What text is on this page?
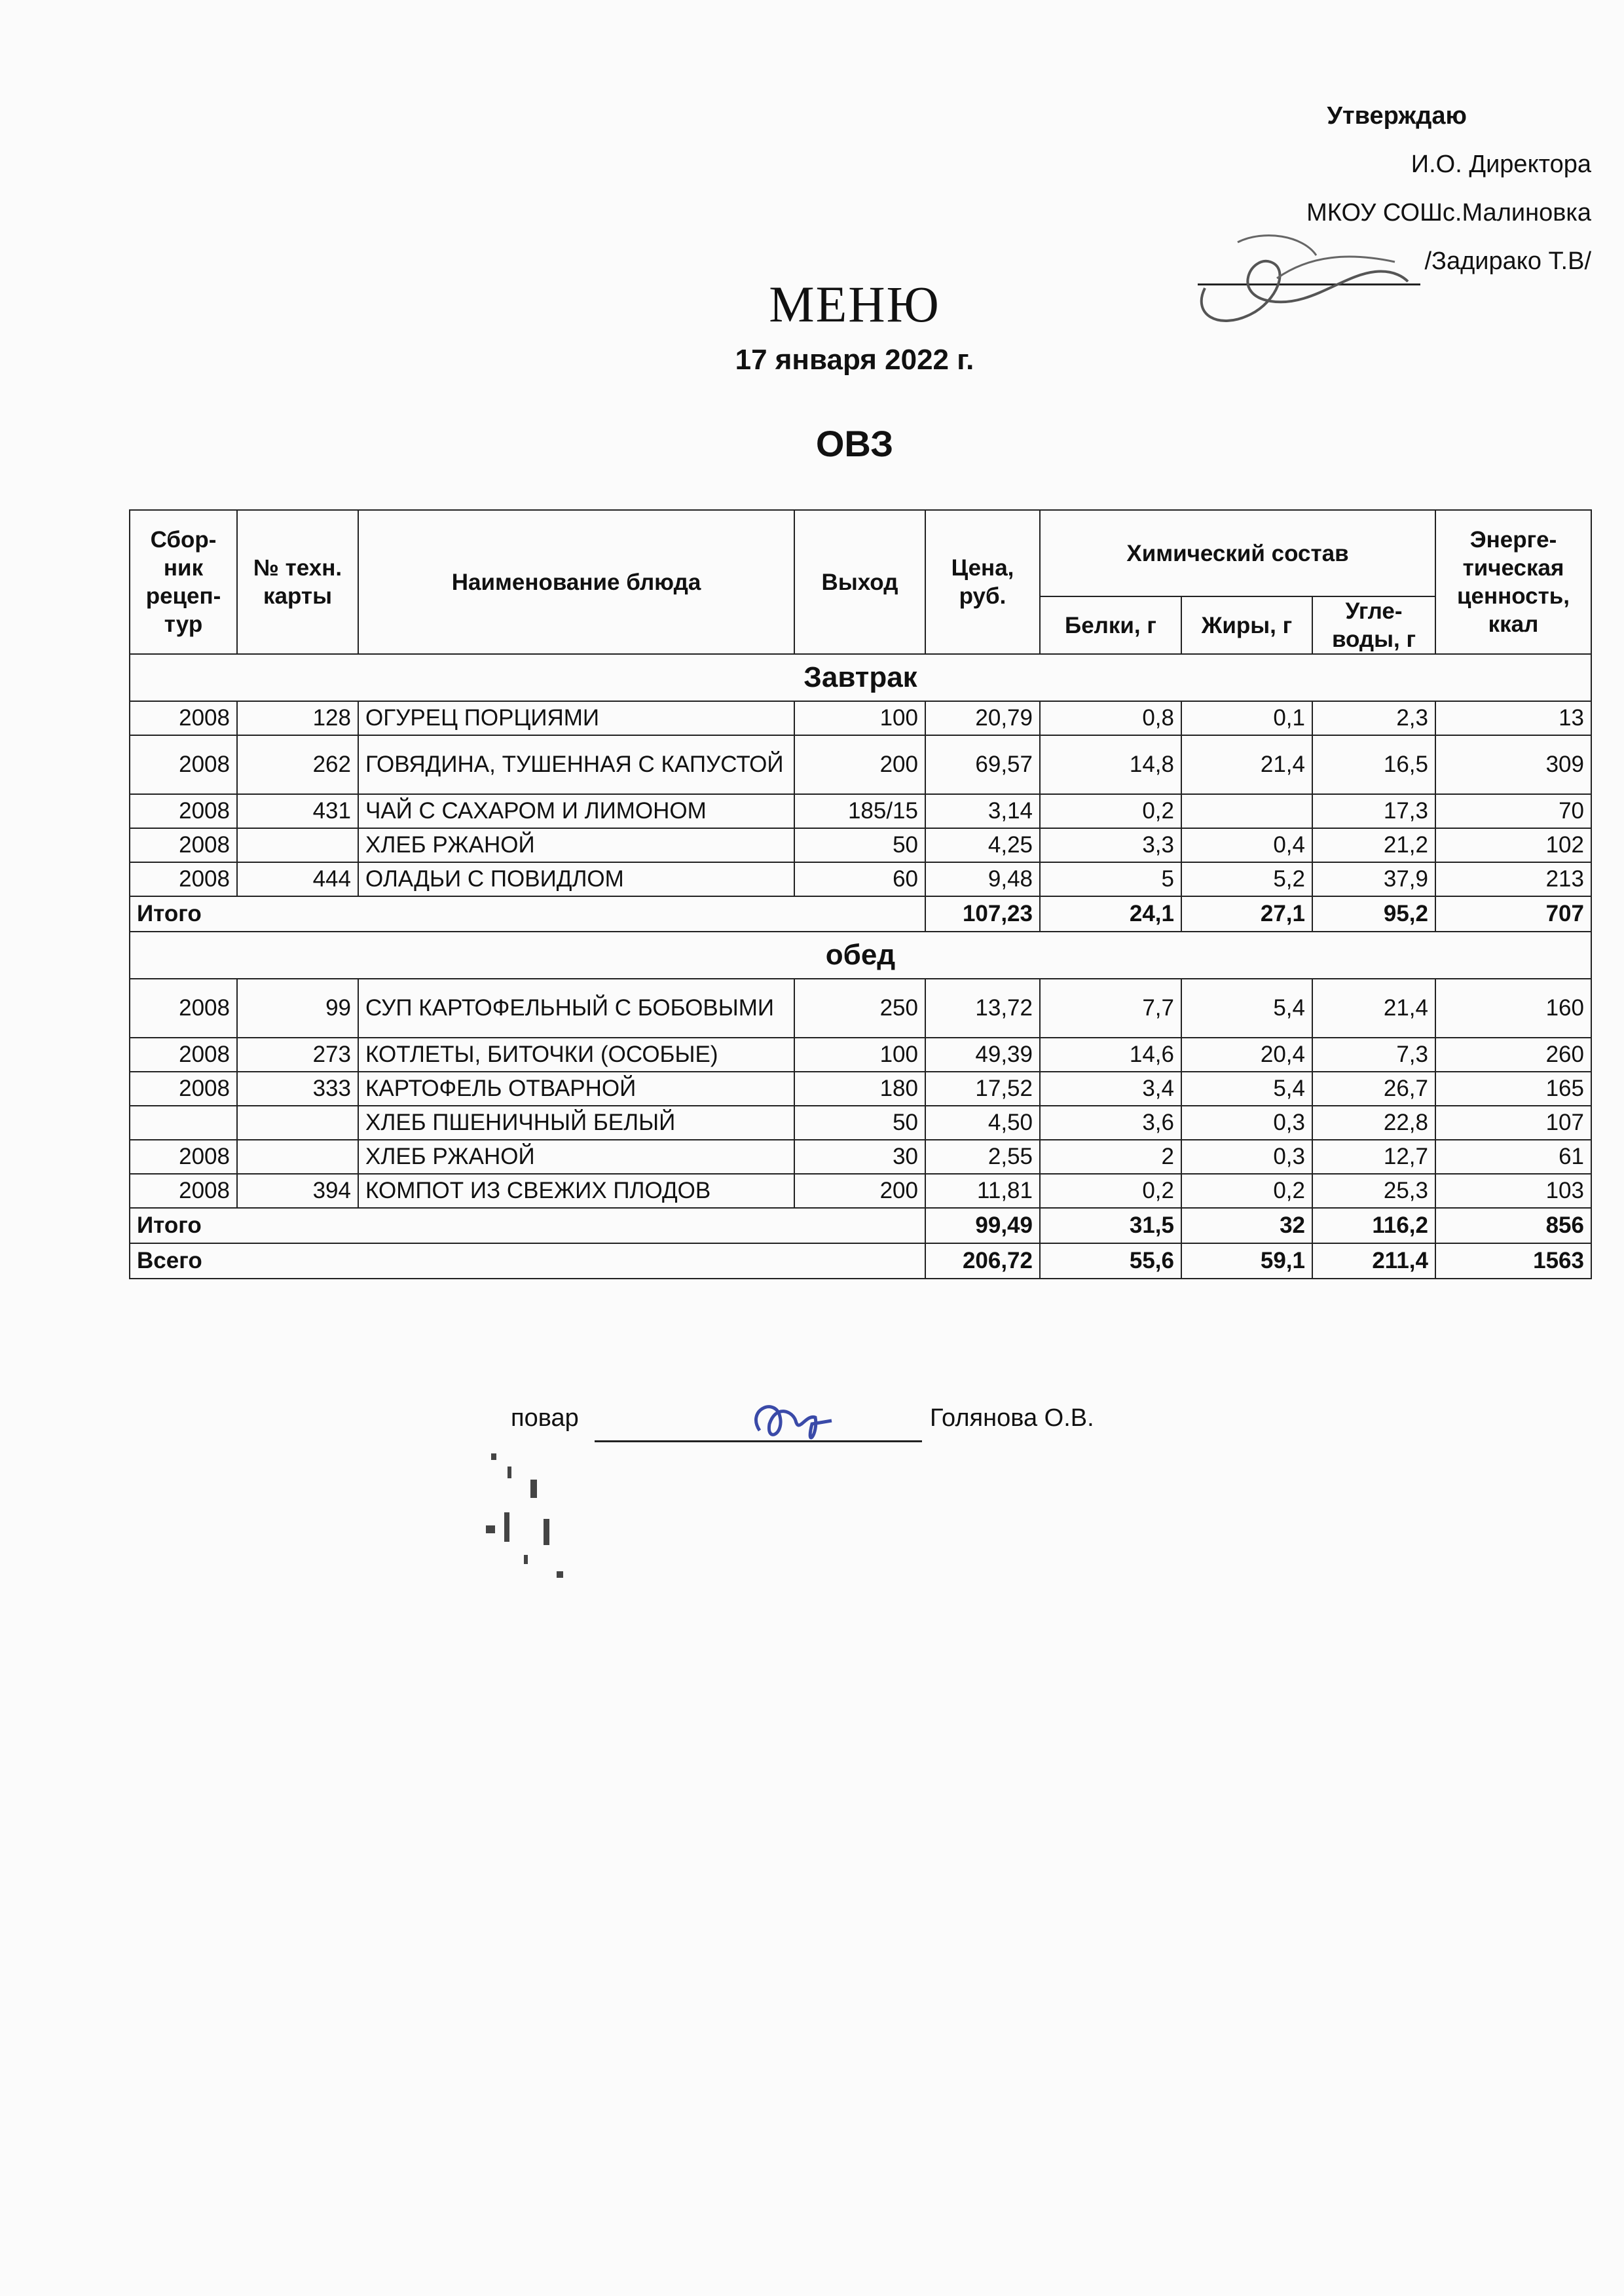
Утверждаю
И.О. Директора
МКОУ СОШс.Малиновка
/Задирако Т.В/
МЕНЮ
17 января 2022 г.
ОВЗ
Сбор-ник рецеп-тур	№ техн. карты	Наименование блюда	Выход	Цена, руб.	Химический состав			Энерге-тическая ценность, ккал
					Белки, г	Жиры, г	Угле-воды, г	
Завтрак								
2008	128	ОГУРЕЦ ПОРЦИЯМИ	100	20,79	0,8	0,1	2,3	13
2008	262	ГОВЯДИНА, ТУШЕННАЯ С КАПУСТОЙ	200	69,57	14,8	21,4	16,5	309
2008	431	ЧАЙ С САХАРОМ И ЛИМОНОМ	185/15	3,14	0,2		17,3	70
2008		ХЛЕБ РЖАНОЙ	50	4,25	3,3	0,4	21,2	102
2008	444	ОЛАДЬИ С ПОВИДЛОМ	60	9,48	5	5,2	37,9	213
Итого				107,23	24,1	27,1	95,2	707
обед								
2008	99	СУП КАРТОФЕЛЬНЫЙ С БОБОВЫМИ	250	13,72	7,7	5,4	21,4	160
2008	273	КОТЛЕТЫ, БИТОЧКИ (ОСОБЫЕ)	100	49,39	14,6	20,4	7,3	260
2008	333	КАРТОФЕЛЬ ОТВАРНОЙ	180	17,52	3,4	5,4	26,7	165
		ХЛЕБ ПШЕНИЧНЫЙ БЕЛЫЙ	50	4,50	3,6	0,3	22,8	107
2008		ХЛЕБ РЖАНОЙ	30	2,55	2	0,3	12,7	61
2008	394	КОМПОТ ИЗ СВЕЖИХ ПЛОДОВ	200	11,81	0,2	0,2	25,3	103
Итого				99,49	31,5	32	116,2	856
Всего				206,72	55,6	59,1	211,4	1563
повар	Голянова О.В.
